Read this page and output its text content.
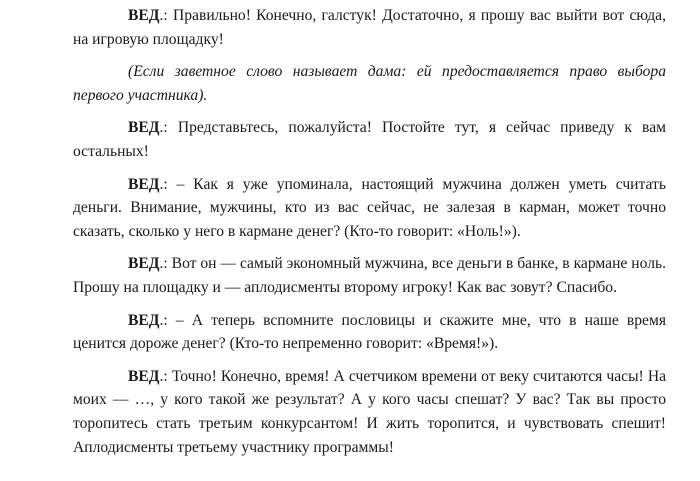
ВЕД.: Правильно! Конечно, галстук! Достаточно, я прошу вас выйти вот сюда, на игровую площадку!

(Если заветное слово называет дама: ей предоставляется право выбора первого участника).

ВЕД.: Представьтесь, пожалуйста! Постойте тут, я сейчас приведу к вам остальных!

ВЕД.: – Как я уже упоминала, настоящий мужчина должен уметь считать деньги. Внимание, мужчины, кто из вас сейчас, не залезая в карман, может точно сказать, сколько у него в кармане денег? (Кто-то говорит: «Ноль!»).

ВЕД.: Вот он — самый экономный мужчина, все деньги в банке, в кармане ноль. Прошу на площадку и — аплодисменты второму игроку! Как вас зовут? Спасибо.

ВЕД.: – А теперь вспомните пословицы и скажите мне, что в наше время ценится дороже денег? (Кто-то непременно говорит: «Время!»).

ВЕД.: Точно! Конечно, время! А счетчиком времени от веку считаются часы! На моих — …, у кого такой же результат? А у кого часы спешат? У вас? Так вы просто торопитесь стать третьим конкурсантом! И жить торопится, и чувствовать спешит! Аплодисменты третьему участнику программы!
